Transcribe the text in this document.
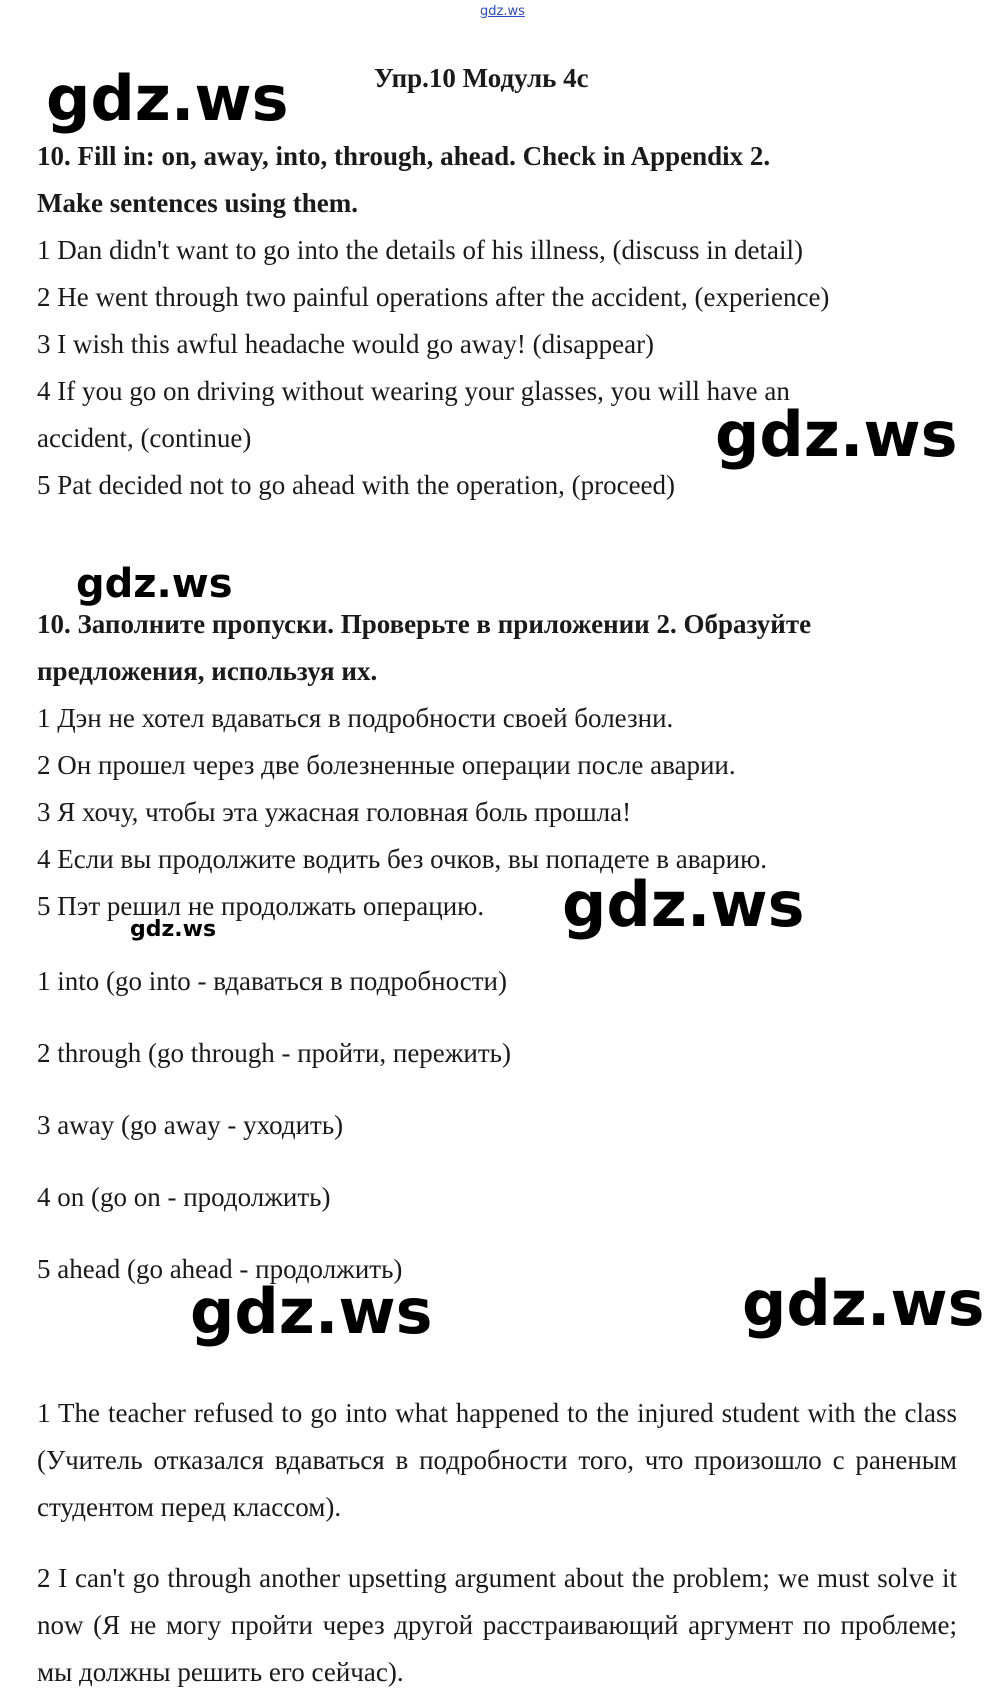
gdz.ws
gdz.ws
gdz.ws
gdz.ws
gdz.ws
gdz.ws
gdz.ws	gdz.ws
Упр.10 Модуль 4с
10. Fill in: on, away, into, through, ahead. Check in Appendix 2.
Make sentences using them.
1 Dan didn't want to go into the details of his illness, (discuss in detail)
2 He went through two painful operations after the accident, (experience)
3 I wish this awful headache would go away! (disappear)
4 If you go on driving without wearing your glasses, you will have an
accident, (continue)
5 Pat decided not to go ahead with the operation, (proceed)
10. Заполните пропуски. Проверьте в приложении 2. Образуйте
предложения, используя их.
1 Дэн не хотел вдаваться в подробности своей болезни.
2 Он прошел через две болезненные операции после аварии.
3 Я хочу, чтобы эта ужасная головная боль прошла!
4 Если вы продолжите водить без очков, вы попадете в аварию.
5 Пэт решил не продолжать операцию.
1 into (go into - вдаваться в подробности)
2 through (go through - пройти, пережить)
3 away (go away - уходить)
4 on (go on - продолжить)
5 ahead (go ahead - продолжить)

1 The teacher refused to go into what happened to the injured student with the class (Учитель отказался вдаваться в подробности того, что произошло с раненым студентом перед классом).

2 I can't go through another upsetting argument about the problem; we must solve it now (Я не могу пройти через другой расстраивающий аргумент по проблеме; мы должны решить его сейчас).
